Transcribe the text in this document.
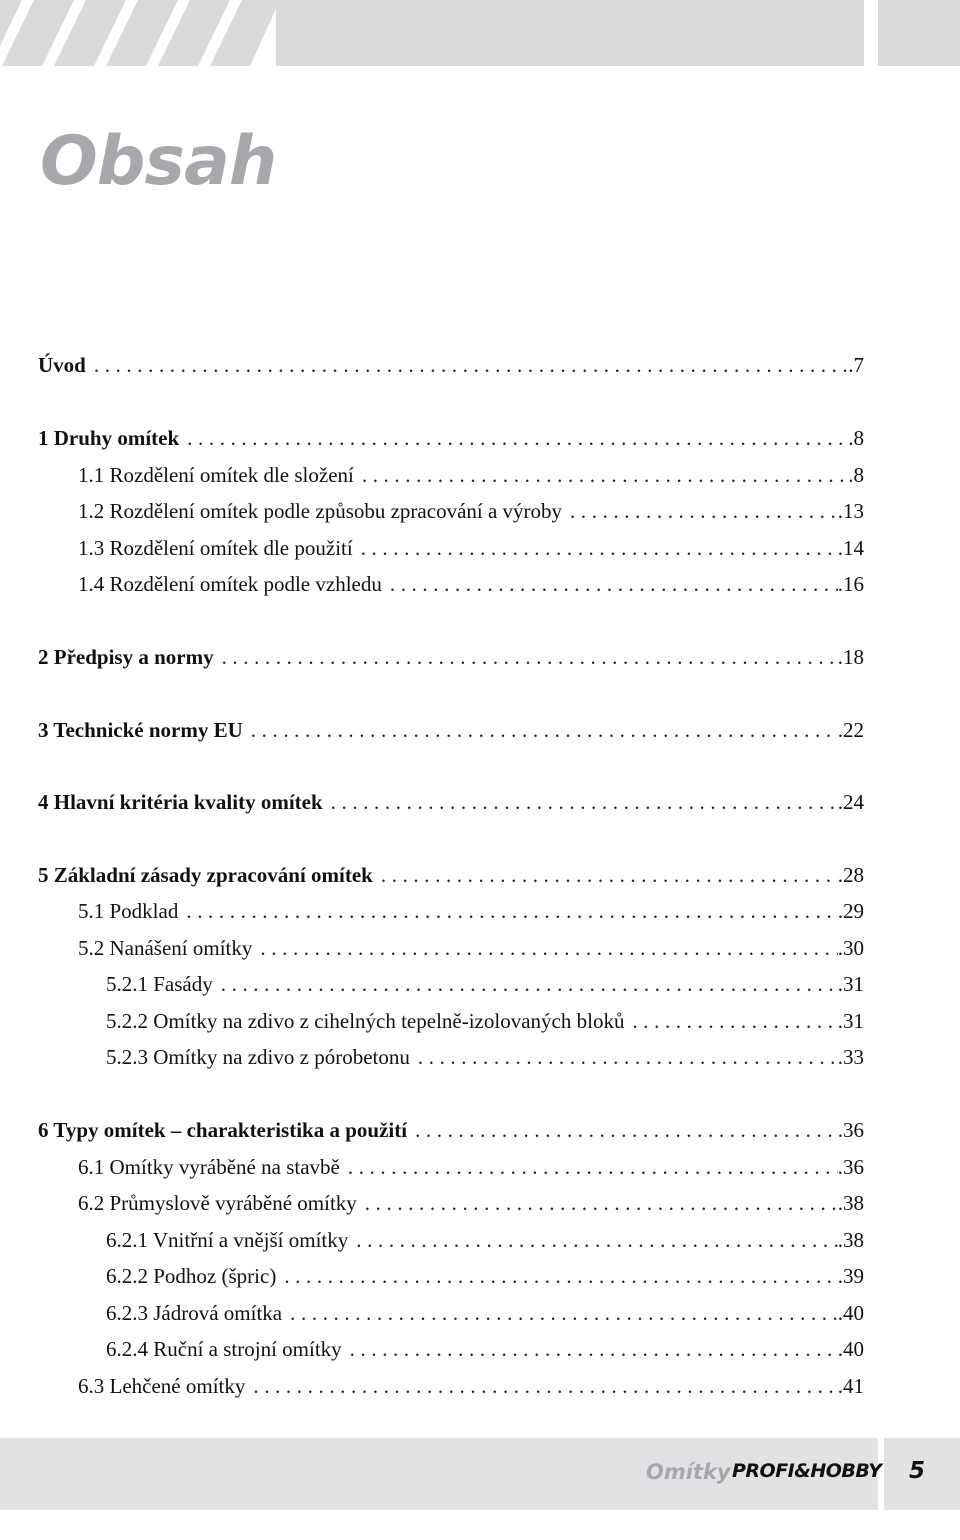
Obsah
Úvod .....	.7
1 Druhy omítek .....	.8
1.1 Rozdělení omítek dle složení .....	.8
1.2 Rozdělení omítek podle způsobu zpracování a výroby .....	.13
1.3 Rozdělení omítek dle použití .....	.14
1.4 Rozdělení omítek podle vzhledu .....	.16
2 Předpisy a normy .....	.18
3 Technické normy EU .....	.22
4 Hlavní kritéria kvality omítek .....	.24
5 Základní zásady zpracování omítek .....	.28
5.1 Podklad .....	.29
5.2 Nanášení omítky .....	.30
5.2.1 Fasády .....	.31
5.2.2 Omítky na zdivo z cihelných tepelně-izolovaných bloků .....	.31
5.2.3 Omítky na zdivo z pórobetonu .....	.33
6 Typy omítek – charakteristika a použití .....	.36
6.1 Omítky vyráběné na stavbě .....	.36
6.2 Průmyslově vyráběné omítky .....	.38
6.2.1 Vnitřní a vnější omítky .....	.38
6.2.2 Podhoz (špric) .....	.39
6.2.3 Jádrová omítka .....	.40
6.2.4 Ruční a strojní omítky .....	.40
6.3 Lehčené omítky .....	.41
Omítky PROFI&HOBBY 5
